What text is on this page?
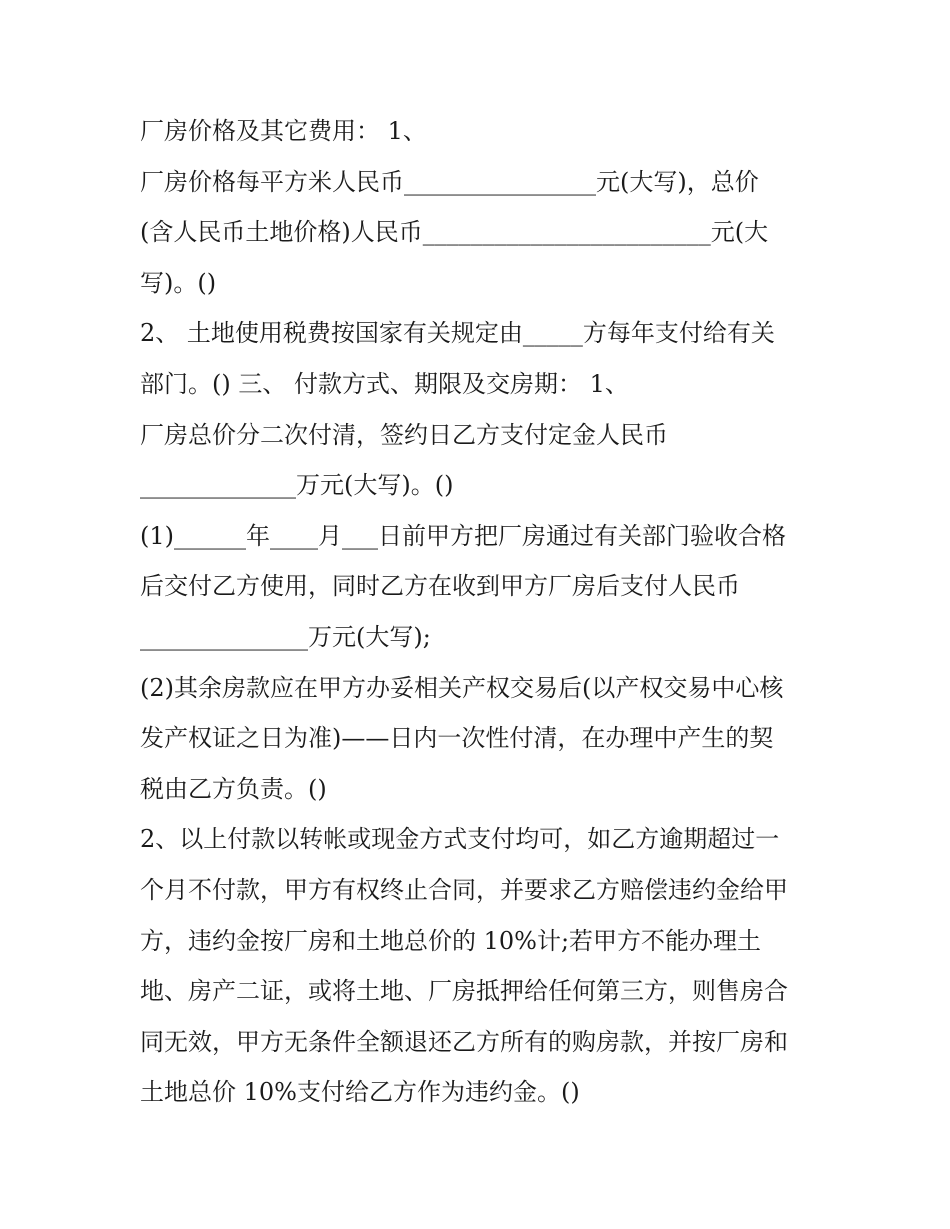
厂房价格及其它费用： 1、
厂房价格每平方米人民币________________元(大写)，总价
(含人民币土地价格)人民币________________________元(大
写)。()
2、 土地使用税费按国家有关规定由_____方每年支付给有关
部门。() 三、 付款方式、期限及交房期： 1、
厂房总价分二次付清，签约日乙方支付定金人民币
_____________万元(大写)。()
(1)______年____月___日前甲方把厂房通过有关部门验收合格
后交付乙方使用，同时乙方在收到甲方厂房后支付人民币
______________万元(大写);
(2)其余房款应在甲方办妥相关产权交易后(以产权交易中心核
发产权证之日为准)——日内一次性付清，在办理中产生的契
税由乙方负责。()
2、以上付款以转帐或现金方式支付均可，如乙方逾期超过一
个月不付款，甲方有权终止合同，并要求乙方赔偿违约金给甲
方，违约金按厂房和土地总价的 10%计;若甲方不能办理土
地、房产二证，或将土地、厂房抵押给任何第三方，则售房合
同无效，甲方无条件全额退还乙方所有的购房款，并按厂房和
土地总价 10%支付给乙方作为违约金。()
